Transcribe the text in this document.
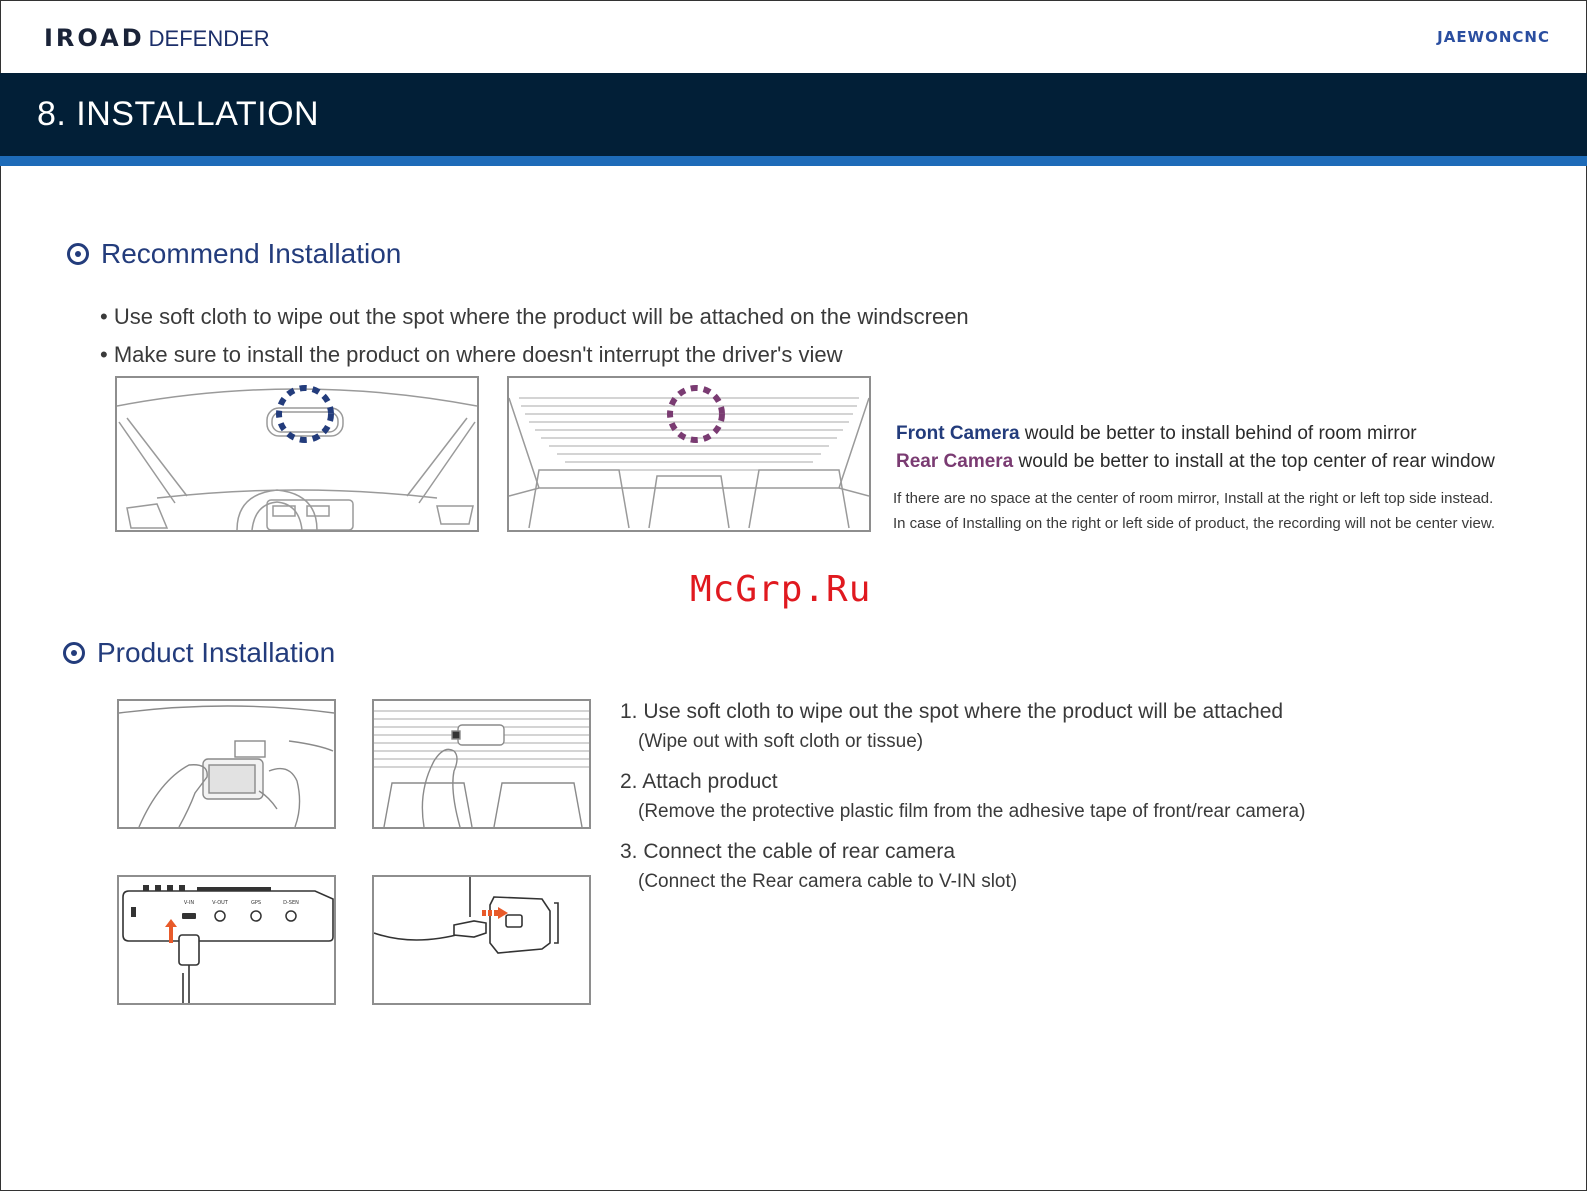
IROAD DEFENDER	JAEWONCNC
8. INSTALLATION
Recommend Installation
• Use soft cloth to wipe out the spot where the product will be attached on the windscreen
• Make sure to install the product on where doesn't interrupt the driver's view
Front Camera would be better to install behind of room mirror
Rear Camera would be better to install at the top center of rear window
If there are no space at the center of room mirror, Install at the right or left top side instead.
In case of Installing on the right or left side of product, the recording will not be center view.
McGrp.Ru
Product Installation
V-IN	V-OUT	GPS	D-SEN
1. Use soft cloth to wipe out the spot where the product will be attached
(Wipe out with soft cloth or tissue)
2. Attach product
(Remove the protective plastic film from the adhesive tape of front/rear camera)
3. Connect the cable of rear camera
(Connect the Rear camera cable to V-IN slot)
